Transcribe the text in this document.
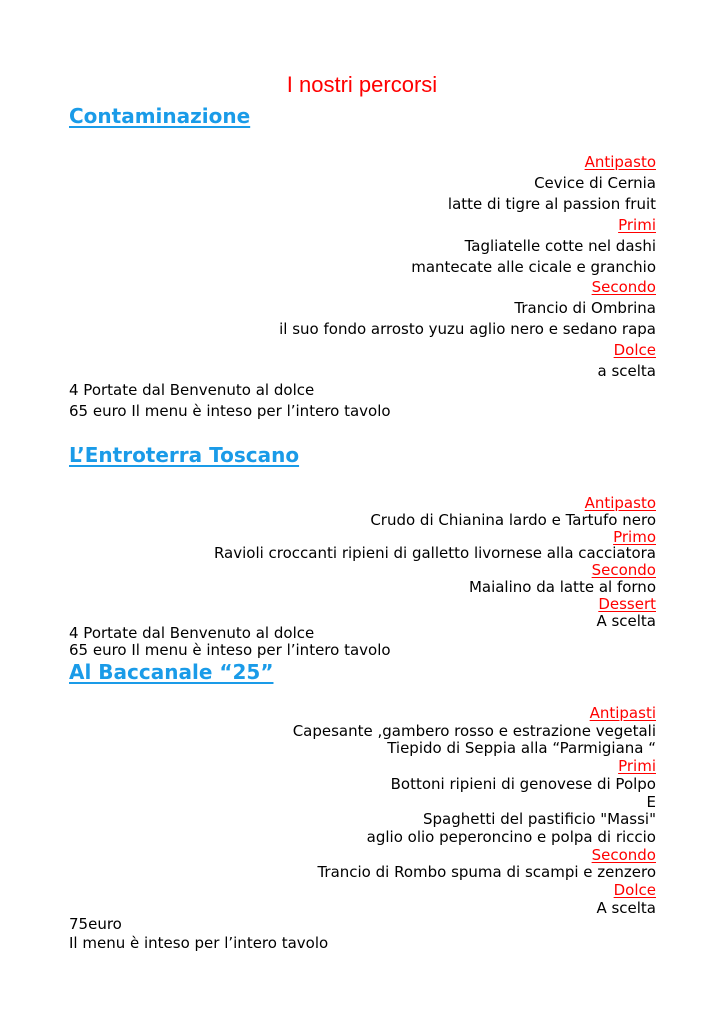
I nostri percorsi
Contaminazione
Antipasto
Cevice di Cernia
latte di tigre al passion fruit
Primi
Tagliatelle cotte nel dashi
mantecate alle cicale e granchio
Secondo
Trancio di Ombrina
il suo fondo arrosto yuzu aglio nero e sedano rapa
Dolce
a scelta
4 Portate dal Benvenuto al dolce
65 euro Il menu è inteso per l’intero tavolo
L’Entroterra Toscano
Antipasto
Crudo di Chianina lardo e Tartufo nero
Primo
Ravioli croccanti ripieni di galletto livornese alla cacciatora
Secondo
Maialino da latte al forno
Dessert
A scelta
4 Portate dal Benvenuto al dolce
65 euro Il menu è inteso per l’intero tavolo
Al Baccanale “25”
Antipasti
Capesante ,gambero rosso e estrazione vegetali
Tiepido di Seppia alla “Parmigiana “
Primi
Bottoni ripieni di genovese di Polpo
E
Spaghetti del pastificio "Massi"
aglio olio peperoncino e polpa di riccio
Secondo
Trancio di Rombo spuma di scampi e zenzero
Dolce
A scelta
75euro
Il menu è inteso per l’intero tavolo
